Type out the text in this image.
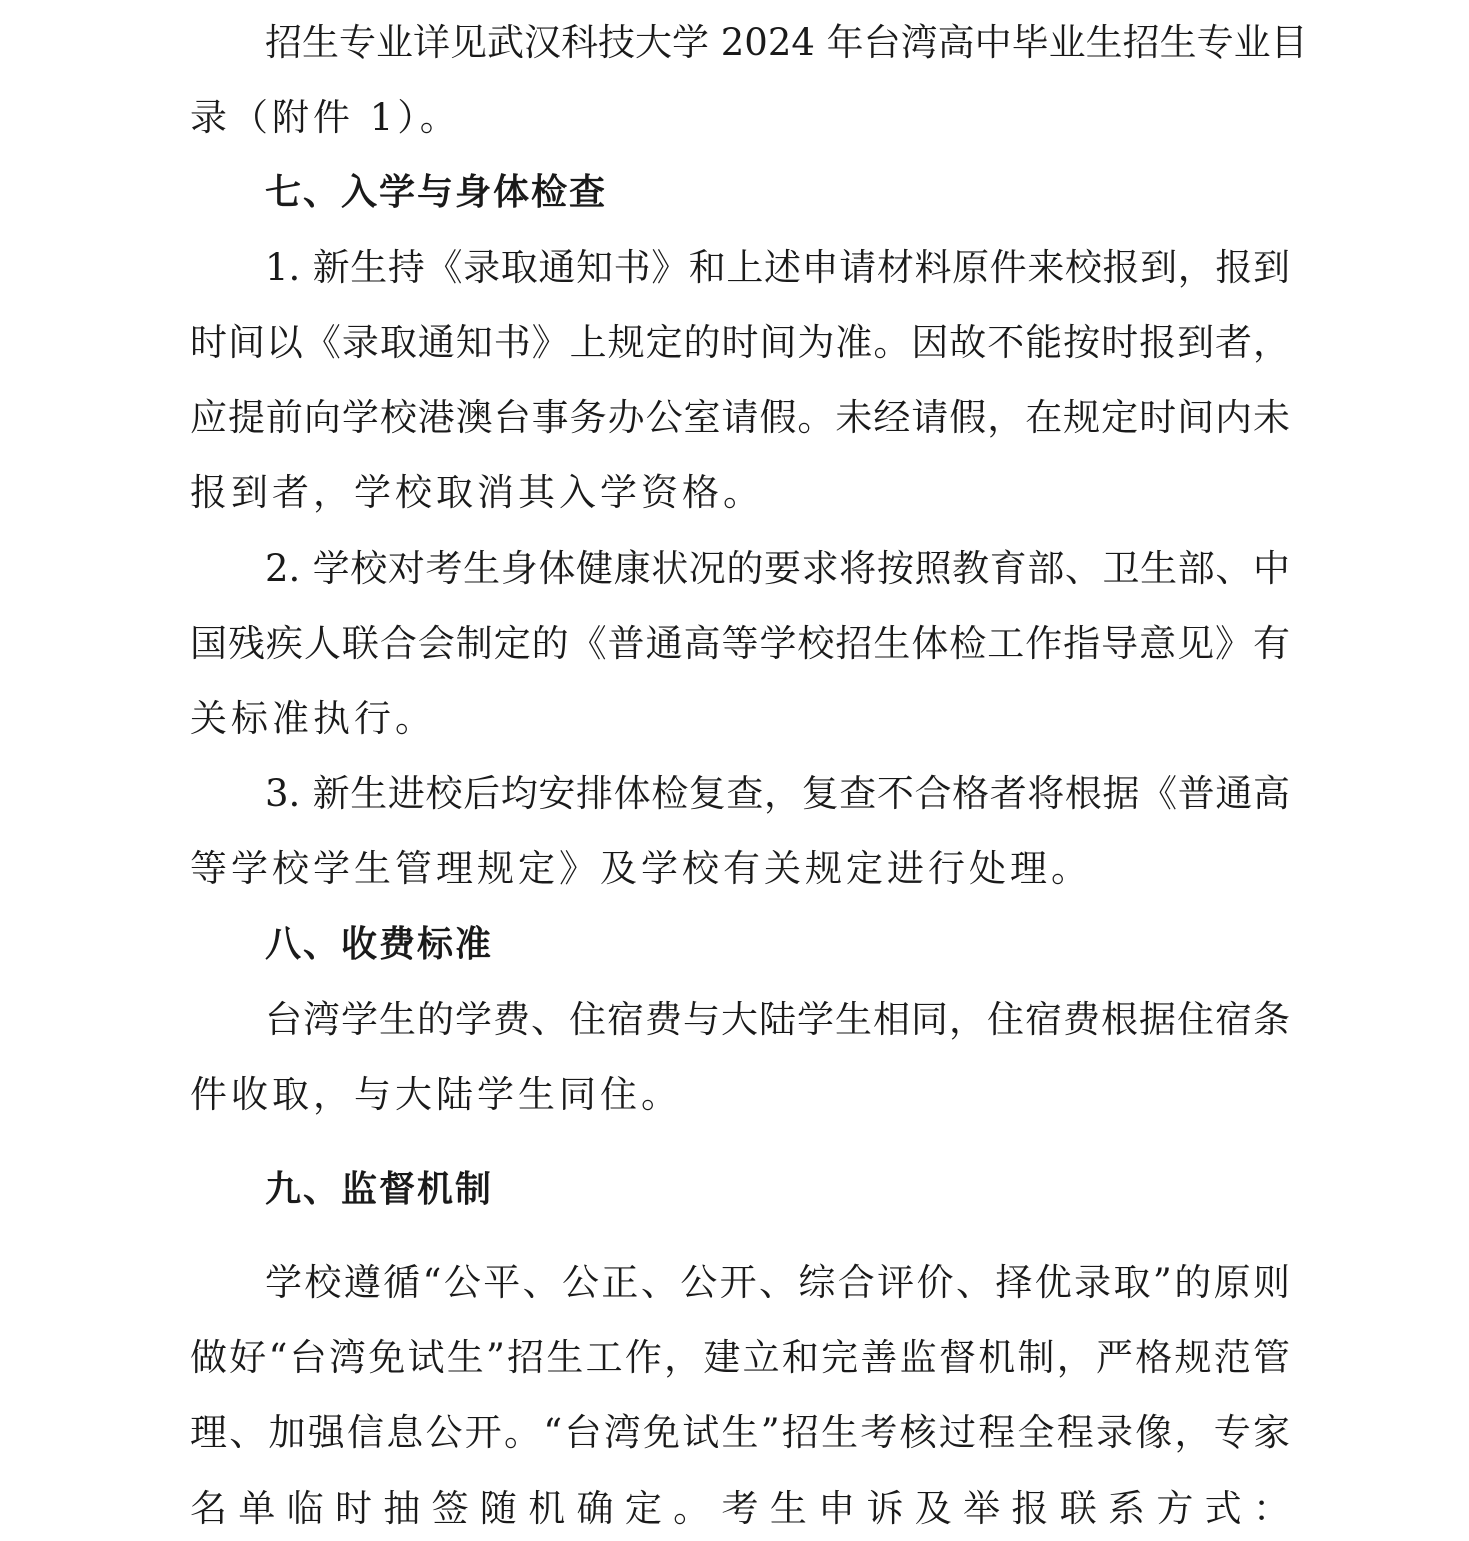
招生专业详见武汉科技大学 2024 年台湾高中毕业生招生专业目
录（附件 1）。
七、入学与身体检查
1. 新生持《录取通知书》和上述申请材料原件来校报到，报到
时间以《录取通知书》上规定的时间为准。因故不能按时报到者，
应提前向学校港澳台事务办公室请假。未经请假，在规定时间内未
报到者，学校取消其入学资格。
2. 学校对考生身体健康状况的要求将按照教育部、卫生部、中
国残疾人联合会制定的《普通高等学校招生体检工作指导意见》有
关标准执行。
3. 新生进校后均安排体检复查，复查不合格者将根据《普通高
等学校学生管理规定》及学校有关规定进行处理。
八、收费标准
台湾学生的学费、住宿费与大陆学生相同，住宿费根据住宿条
件收取，与大陆学生同住。
九、监督机制
学校遵循“公平、公正、公开、综合评价、择优录取”的原则
做好“台湾免试生”招生工作，建立和完善监督机制，严格规范管
理、加强信息公开。“台湾免试生”招生考核过程全程录像，专家
名单临时抽签随机确定。考生申诉及举报联系方式：
